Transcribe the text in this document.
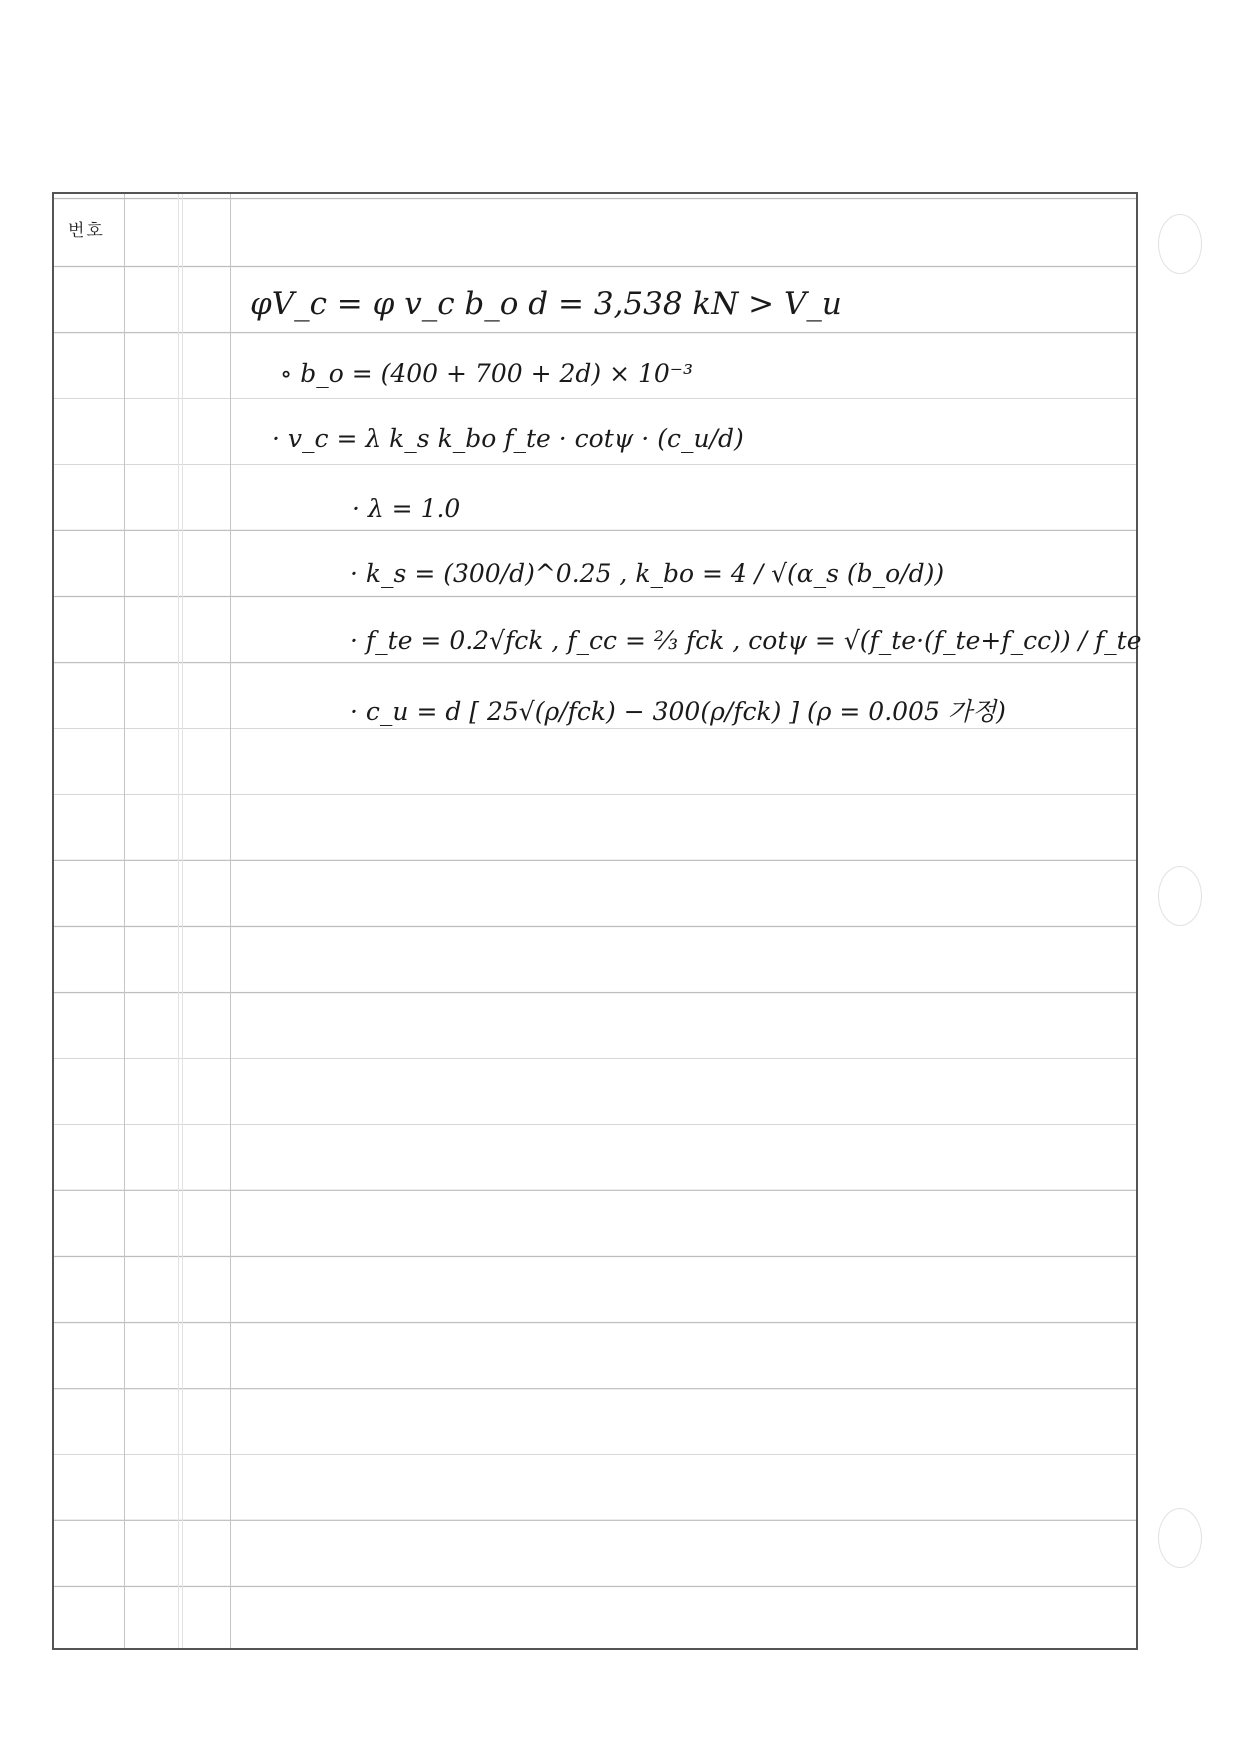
번호
φV_c = φ v_c b_o d = 3,538 kN > V_u
∘ b_o = (400 + 700 + 2d) × 10⁻³
· v_c = λ k_s k_bo f_te · cotψ · (c_u/d)
· λ = 1.0
· k_s = (300/d)^0.25 , k_bo = 4 / √(α_s (b_o/d))
· f_te = 0.2√fck , f_cc = ⅔ fck , cotψ = √(f_te·(f_te+f_cc)) / f_te
· c_u = d [ 25√(ρ/fck) − 300(ρ/fck) ] (ρ = 0.005 가정)
